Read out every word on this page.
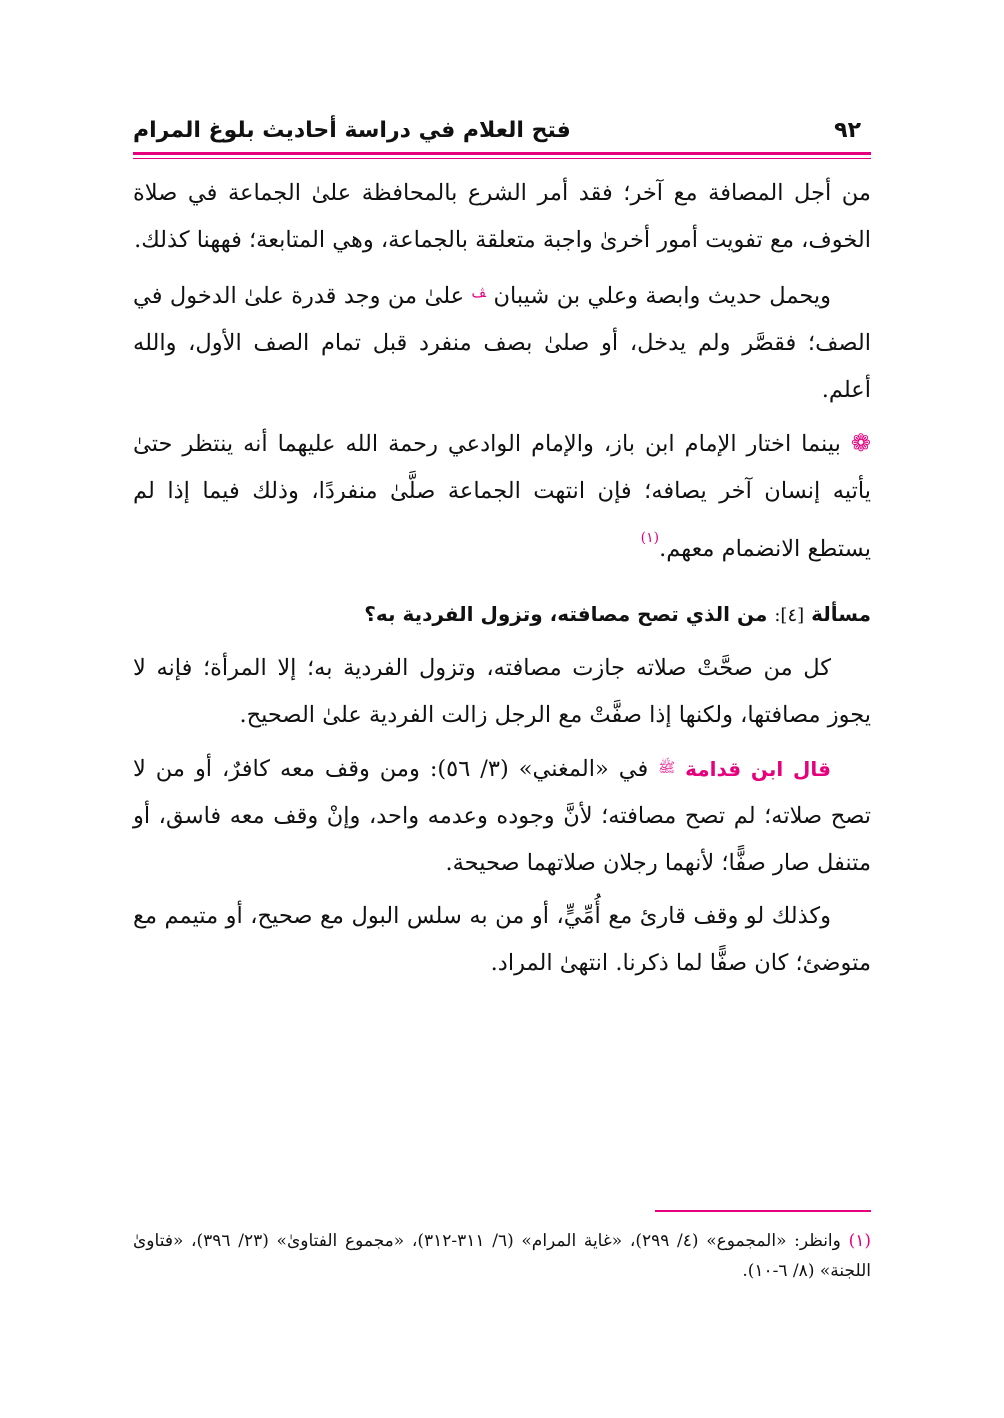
٩٢
فتح العلام في دراسة أحاديث بلوغ المرام

من أجل المصافة مع آخر؛ فقد أمر الشرع بالمحافظة علىٰ الجماعة في صلاة الخوف، مع تفويت أمور أخرىٰ واجبة متعلقة بالجماعة، وهي المتابعة؛ فههنا كذلك.

ويحمل حديث وابصة وعلي بن شيبان $^ﭫ$ علىٰ من وجد قدرة علىٰ الدخول في الصف؛ فقصَّر ولم يدخل، أو صلىٰ بصف منفرد قبل تمام الصف الأول، والله أعلم.

❁بينما اختار الإمام ابن باز، والإمام الوادعي رحمة الله عليهما أنه ينتظر حتىٰ يأتيه إنسان آخر يصافه؛ فإن انتهت الجماعة صلَّىٰ منفردًا، وذلك فيما إذا لم يستطع الانضمام معهم.$^{(١)}$

مسألة [٤]: من الذي تصح مصافته، وتزول الفردية به؟

كل من صحَّتْ صلاته جازت مصافته، وتزول الفردية به؛ إلا المرأة؛ فإنه لا يجوز مصافتها، ولكنها إذا صفَّتْ مع الرجل زالت الفردية علىٰ الصحيح.

قال ابن قدامة ﷺ في «المغني» (٣/ ٥٦): ومن وقف معه كافرٌ، أو من لا تصح صلاته؛ لم تصح مصافته؛ لأنَّ وجوده وعدمه واحد، وإنْ وقف معه فاسق، أو متنفل صار صفًّا؛ لأنهما رجلان صلاتهما صحيحة.

وكذلك لو وقف قارئ مع أُمِّيٍّ، أو من به سلس البول مع صحيح، أو متيمم مع متوضئ؛ كان صفًّا لما ذكرنا. انتهىٰ المراد.

(١) وانظر: «المجموع» (٤/ ٢٩٩)، «غاية المرام» (٦/ ٣١١-٣١٢)، «مجموع الفتاوىٰ» (٢٣/ ٣٩٦)، «فتاوىٰ اللجنة» (٨/ ٦-١٠).
